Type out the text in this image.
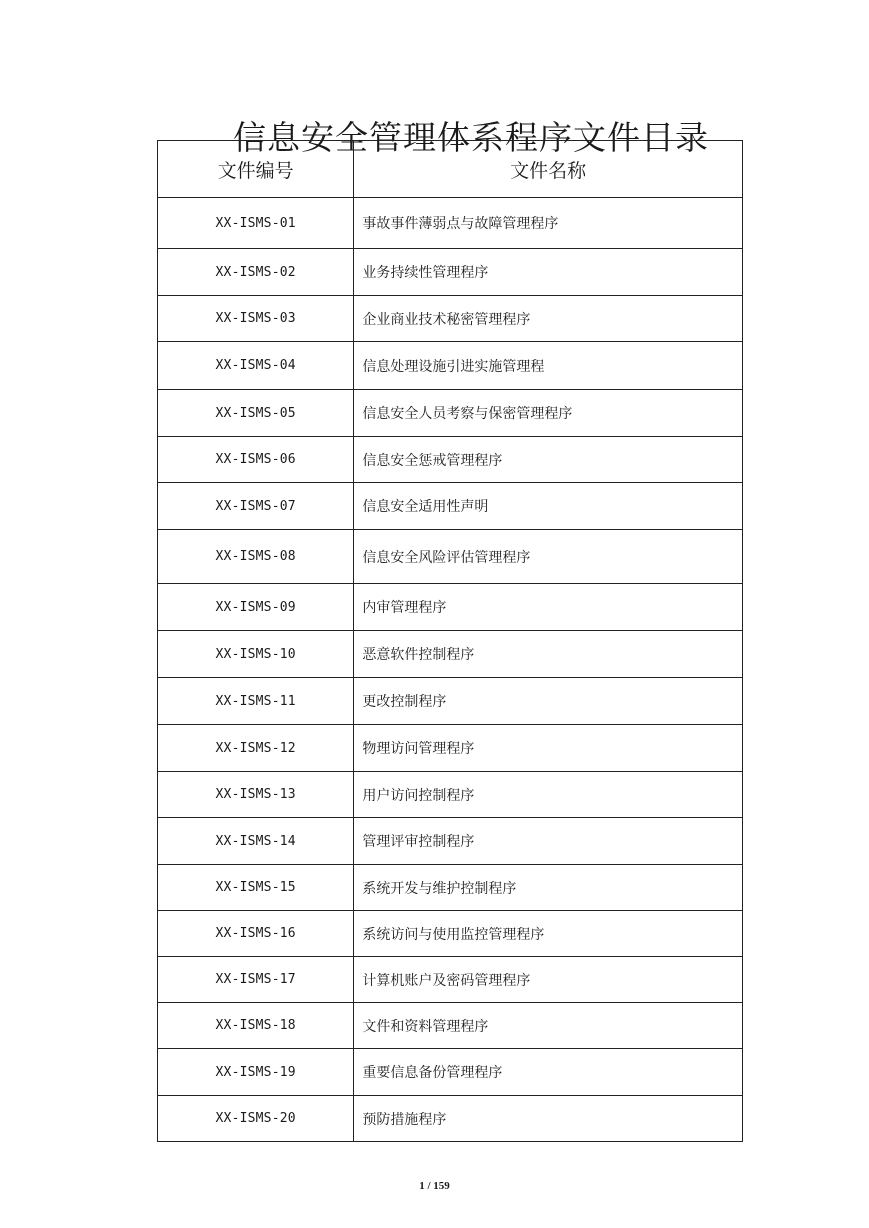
信息安全管理体系程序文件目录
文件编号	文件名称
XX-ISMS-01	事故事件薄弱点与故障管理程序
XX-ISMS-02	业务持续性管理程序
XX-ISMS-03	企业商业技术秘密管理程序
XX-ISMS-04	信息处理设施引进实施管理程
XX-ISMS-05	信息安全人员考察与保密管理程序
XX-ISMS-06	信息安全惩戒管理程序
XX-ISMS-07	信息安全适用性声明
XX-ISMS-08	信息安全风险评估管理程序
XX-ISMS-09	内审管理程序
XX-ISMS-10	恶意软件控制程序
XX-ISMS-11	更改控制程序
XX-ISMS-12	物理访问管理程序
XX-ISMS-13	用户访问控制程序
XX-ISMS-14	管理评审控制程序
XX-ISMS-15	系统开发与维护控制程序
XX-ISMS-16	系统访问与使用监控管理程序
XX-ISMS-17	计算机账户及密码管理程序
XX-ISMS-18	文件和资料管理程序
XX-ISMS-19	重要信息备份管理程序
XX-ISMS-20	预防措施程序
1 / 159
